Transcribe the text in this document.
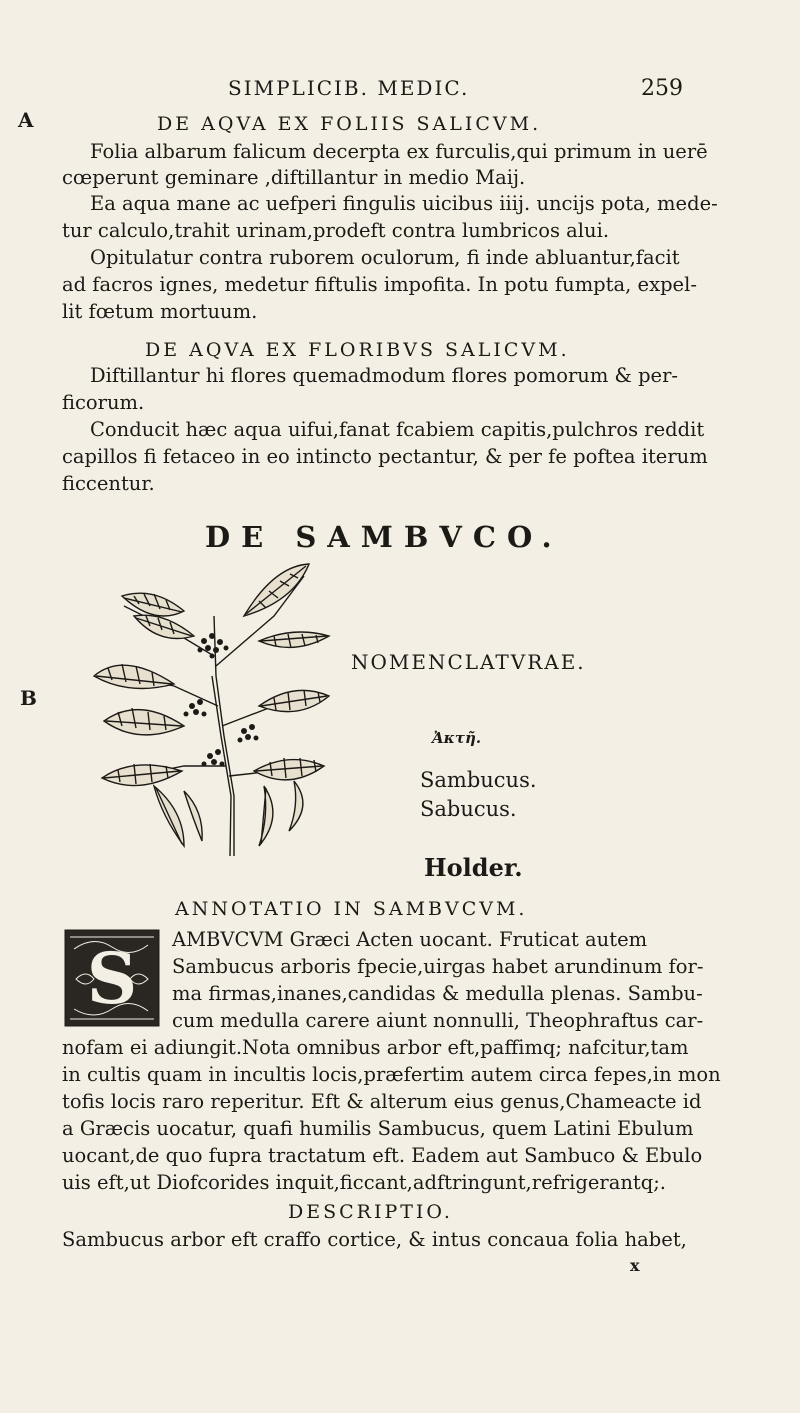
SIMPLICIB. MEDIC.	259
A
B
DE AQVA EX FOLIIS SALICVM.
Folia albarum falicum decerpta ex furculis,qui primum in uerē
cœperunt geminare ,diftillantur in medio Maij.
Ea aqua mane ac uefperi fingulis uicibus iiij. uncijs pota, mede-
tur calculo,trahit urinam,prodeft contra lumbricos alui.
Opitulatur contra ruborem oculorum, fi inde abluantur,facit
ad facros ignes, medetur fiftulis impofita. In potu fumpta, expel-
lit fœtum mortuum.
DE AQVA EX FLORIBVS SALICVM.
Diftillantur hi flores quemadmodum flores pomorum & per-
ficorum.
Conducit hæc aqua uifui,fanat fcabiem capitis,pulchros reddit
capillos fi fetaceo in eo intincto pectantur, & per fe poftea iterum
ficcentur.
DE SAMBVCO.
NOMENCLATVRAE.
Ἀκτῆ.
Sambucus.
Sabucus.
Holder.
ANNOTATIO IN SAMBVCVM.
S AMBVCVM Græci Acten uocant. Fruticat autem
Sambucus arboris fpecie,uirgas habet arundinum for-
ma firmas,inanes,candidas & medulla plenas. Sambu-
cum medulla carere aiunt nonnulli, Theophraftus car-
nofam ei adiungit.Nota omnibus arbor eft,paffimq; nafcitur,tam
in cultis quam in incultis locis,præfertim autem circa fepes,in mon
tofis locis raro reperitur. Eft & alterum eius genus,Chameacte id
a Græcis uocatur, quafi humilis Sambucus, quem Latini Ebulum
uocant,de quo fupra tractatum eft. Eadem aut Sambuco & Ebulo
uis eft,ut Diofcorides inquit,ficcant,adftringunt,refrigerantq;.
DESCRIPTIO.
Sambucus arbor eft craffo cortice, & intus concaua folia habet,
x
